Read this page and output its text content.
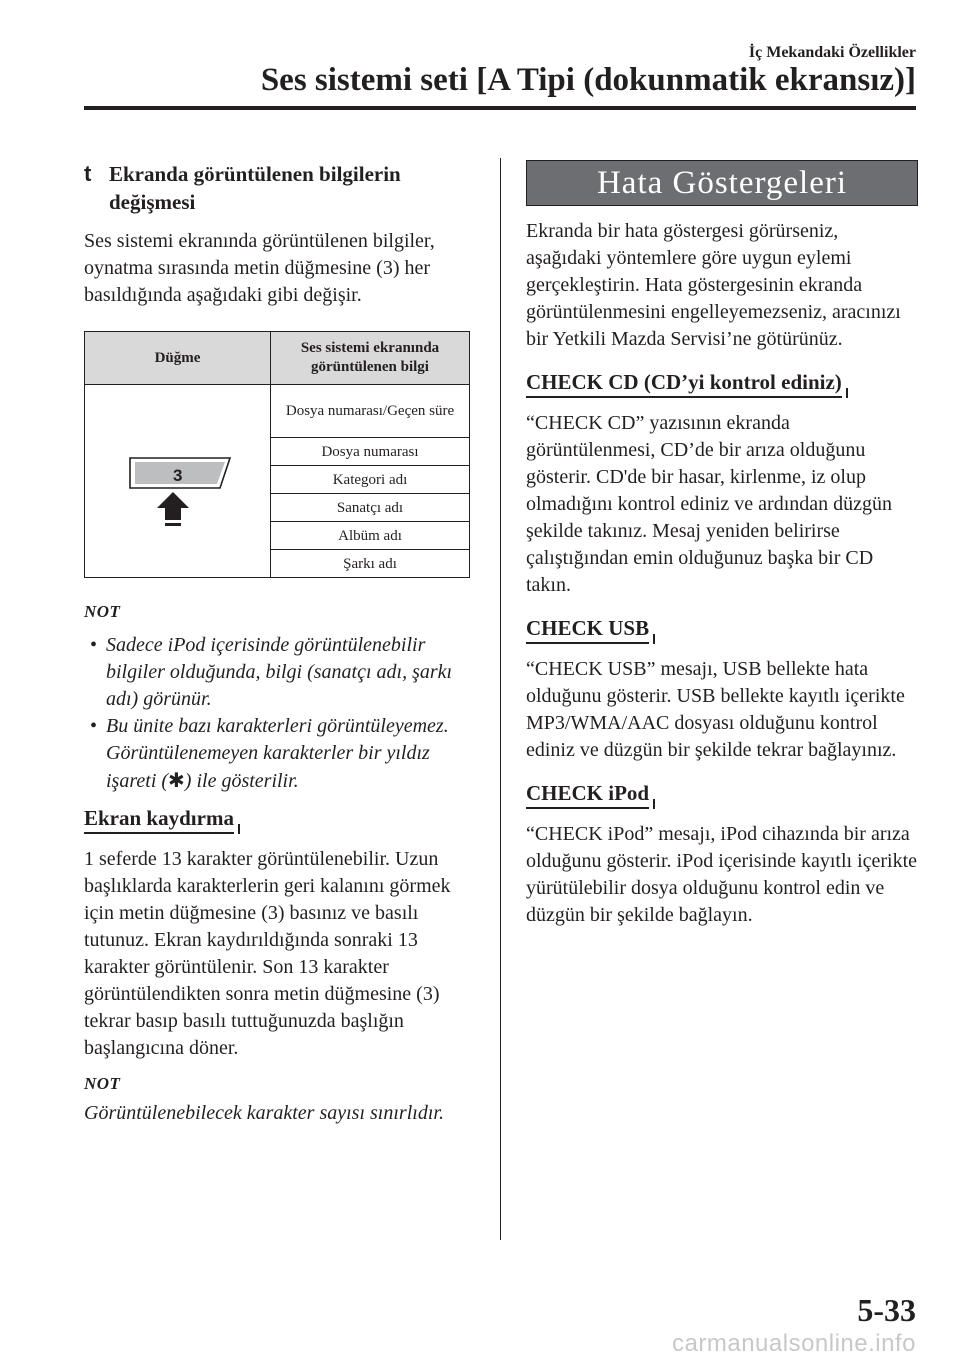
İç Mekandaki Özellikler
Ses sistemi seti [A Tipi (dokunmatik ekransız)]
t Ekranda görüntülenen bilgilerin
değişmesi
Ses sistemi ekranında görüntülenen bilgiler, oynatma sırasında metin düğmesine (3) her basıldığında aşağıdaki gibi değişir.
Düğme	Ses sistemi ekranında görüntülenen bilgi

3	Dosya numarası/Geçen süre
	Dosya numarası
	Kategori adı
	Sanatçı adı
	Albüm adı
	Şarkı adı
NOT
• Sadece iPod içerisinde görüntülenebilir bilgiler olduğunda, bilgi (sanatçı adı, şarkı adı) görünür.
• Bu ünite bazı karakterleri görüntüleyemez. Görüntülenemeyen karakterler bir yıldız işareti (✱) ile gösterilir.
Ekran kaydırma
1 seferde 13 karakter görüntülenebilir. Uzun başlıklarda karakterlerin geri kalanını görmek için metin düğmesine (3) basınız ve basılı tutunuz. Ekran kaydırıldığında sonraki 13 karakter görüntülenir. Son 13 karakter görüntülendikten sonra metin düğmesine (3) tekrar basıp basılı tuttuğunuzda başlığın başlangıcına döner.
NOT
Görüntülenebilecek karakter sayısı sınırlıdır.
Hata Göstergeleri
Ekranda bir hata göstergesi görürseniz, aşağıdaki yöntemlere göre uygun eylemi gerçekleştirin. Hata göstergesinin ekranda görüntülenmesini engelleyemezseniz, aracınızı bir Yetkili Mazda Servisi’ne götürünüz.
CHECK CD (CD’yi kontrol ediniz)
“CHECK CD” yazısının ekranda görüntülenmesi, CD’de bir arıza olduğunu gösterir. CD'de bir hasar, kirlenme, iz olup olmadığını kontrol ediniz ve ardından düzgün şekilde takınız. Mesaj yeniden belirirse çalıştığından emin olduğunuz başka bir CD takın.
CHECK USB
“CHECK USB” mesajı, USB bellekte hata olduğunu gösterir. USB bellekte kayıtlı içerikte MP3/WMA/AAC dosyası olduğunu kontrol ediniz ve düzgün bir şekilde tekrar bağlayınız.
CHECK iPod
“CHECK iPod” mesajı, iPod cihazında bir arıza olduğunu gösterir. iPod içerisinde kayıtlı içerikte yürütülebilir dosya olduğunu kontrol edin ve düzgün bir şekilde bağlayın.
5-33
carmanualsonline.info
